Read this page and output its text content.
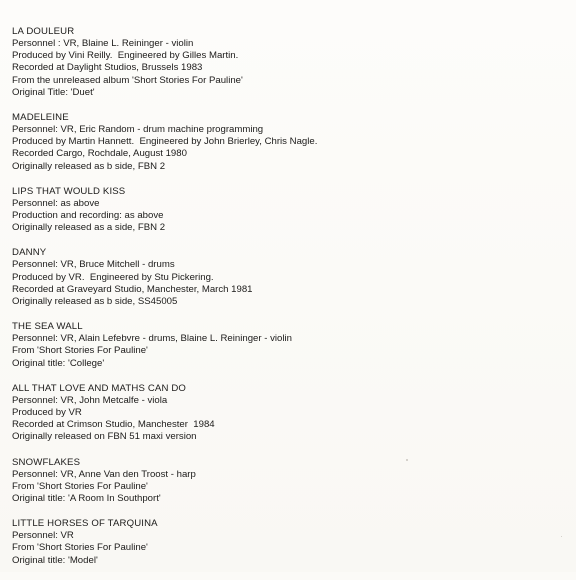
LA DOULEUR
Personnel : VR, Blaine L. Reininger - violin
Produced by Vini Reilly.  Engineered by Gilles Martin.
Recorded at Daylight Studios, Brussels 1983
From the unreleased album 'Short Stories For Pauline'
Original Title: 'Duet'
MADELEINE
Personnel: VR, Eric Random - drum machine programming
Produced by Martin Hannett.  Engineered by John Brierley, Chris Nagle.
Recorded Cargo, Rochdale, August 1980
Originally released as b side, FBN 2
LIPS THAT WOULD KISS
Personnel: as above
Production and recording: as above
Originally released as a side, FBN 2
DANNY
Personnel: VR, Bruce Mitchell - drums
Produced by VR.  Engineered by Stu Pickering.
Recorded at Graveyard Studio, Manchester, March 1981
Originally released as b side, SS45005
THE SEA WALL
Personnel: VR, Alain Lefebvre - drums, Blaine L. Reininger - violin
From 'Short Stories For Pauline'
Original title: 'College'
ALL THAT LOVE AND MATHS CAN DO
Personnel: VR, John Metcalfe - viola
Produced by VR
Recorded at Crimson Studio, Manchester  1984
Originally released on FBN 51 maxi version
SNOWFLAKES
Personnel: VR, Anne Van den Troost - harp
From 'Short Stories For Pauline'
Original title: 'A Room In Southport'
LITTLE HORSES OF TARQUINA
Personnel: VR
From 'Short Stories For Pauline'
Original title: 'Model'
